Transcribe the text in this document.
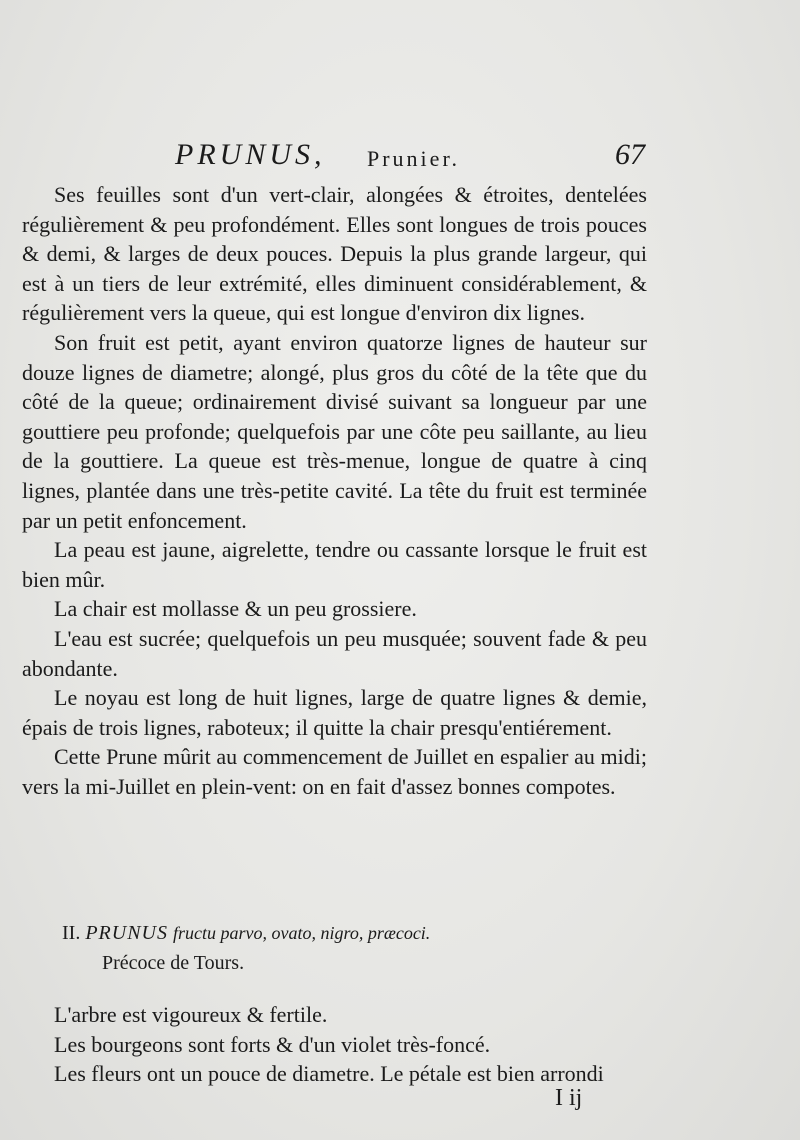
PRUNUS, Prunier.	67

Ses feuilles sont d'un vert-clair, alongées & étroites, dentelées régulièrement & peu profondément. Elles sont longues de trois pouces & demi, & larges de deux pouces. Depuis la plus grande largeur, qui est à un tiers de leur extrémité, elles diminuent considérablement, & régulièrement vers la queue, qui est longue d'environ dix lignes.

Son fruit est petit, ayant environ quatorze lignes de hauteur sur douze lignes de diametre; alongé, plus gros du côté de la tête que du côté de la queue; ordinairement divisé suivant sa longueur par une gouttiere peu profonde; quelquefois par une côte peu saillante, au lieu de la gouttiere. La queue est très-menue, longue de quatre à cinq lignes, plantée dans une très-petite cavité. La tête du fruit est terminée par un petit enfoncement.

La peau est jaune, aigrelette, tendre ou cassante lorsque le fruit est bien mûr.

La chair est mollasse & un peu grossiere.

L'eau est sucrée; quelquefois un peu musquée; souvent fade & peu abondante.

Le noyau est long de huit lignes, large de quatre lignes & demie, épais de trois lignes, raboteux; il quitte la chair presqu'entiérement.

Cette Prune mûrit au commencement de Juillet en espalier au midi; vers la mi-Juillet en plein-vent: on en fait d'assez bonnes compotes.

II. PRUNUS fructu parvo, ovato, nigro, præcoci.
Précoce de Tours.

L'arbre est vigoureux & fertile.

Les bourgeons sont forts & d'un violet très-foncé.

Les fleurs ont un pouce de diametre. Le pétale est bien arrondi

I ij
